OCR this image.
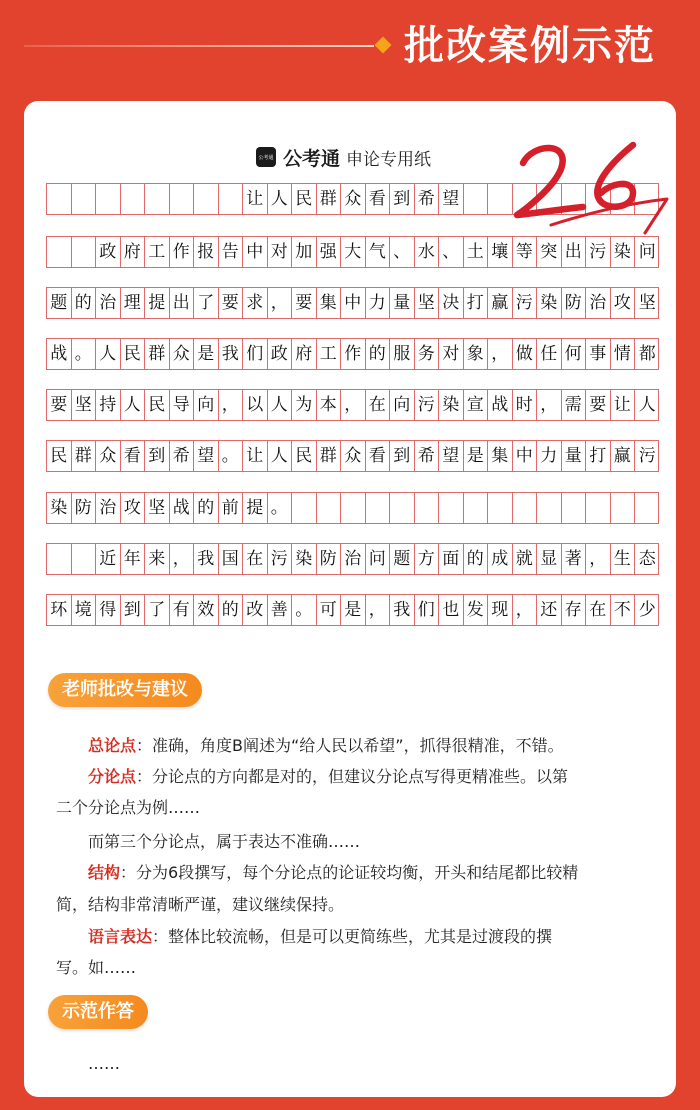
批改案例示范
公考通 公考通 申论专用纸
让 人 民 群 众 看 到 希 望
政 府 工 作 报 告 中 对 加 强 大 气 、 水 、 土 壤 等 突 出 污 染 问
题 的 治 理 提 出 了 要 求 ， 要 集 中 力 量 坚 决 打 赢 污 染 防 治 攻 坚
战 。 人 民 群 众 是 我 们 政 府 工 作 的 服 务 对 象 ， 做 任 何 事 情 都
要 坚 持 人 民 导 向 ， 以 人 为 本 ， 在 向 污 染 宣 战 时 ， 需 要 让 人
民 群 众 看 到 希 望 。 让 人 民 群 众 看 到 希 望 是 集 中 力 量 打 赢 污
染 防 治 攻 坚 战 的 前 提 。
近 年 来 ， 我 国 在 污 染 防 治 问 题 方 面 的 成 就 显 著 ， 生 态
环 境 得 到 了 有 效 的 改 善 。 可 是 ， 我 们 也 发 现 ， 还 存 在 不 少
26
老师批改与建议
总论点：准确，角度B阐述为“给人民以希望”，抓得很精准，不错。
分论点：分论点的方向都是对的，但建议分论点写得更精准些。以第
二个分论点为例……
而第三个分论点，属于表达不准确……
结构：分为6段撰写，每个分论点的论证较均衡，开头和结尾都比较精
简，结构非常清晰严谨，建议继续保持。
语言表达：整体比较流畅，但是可以更简练些，尤其是过渡段的撰
写。如……
示范作答
……
